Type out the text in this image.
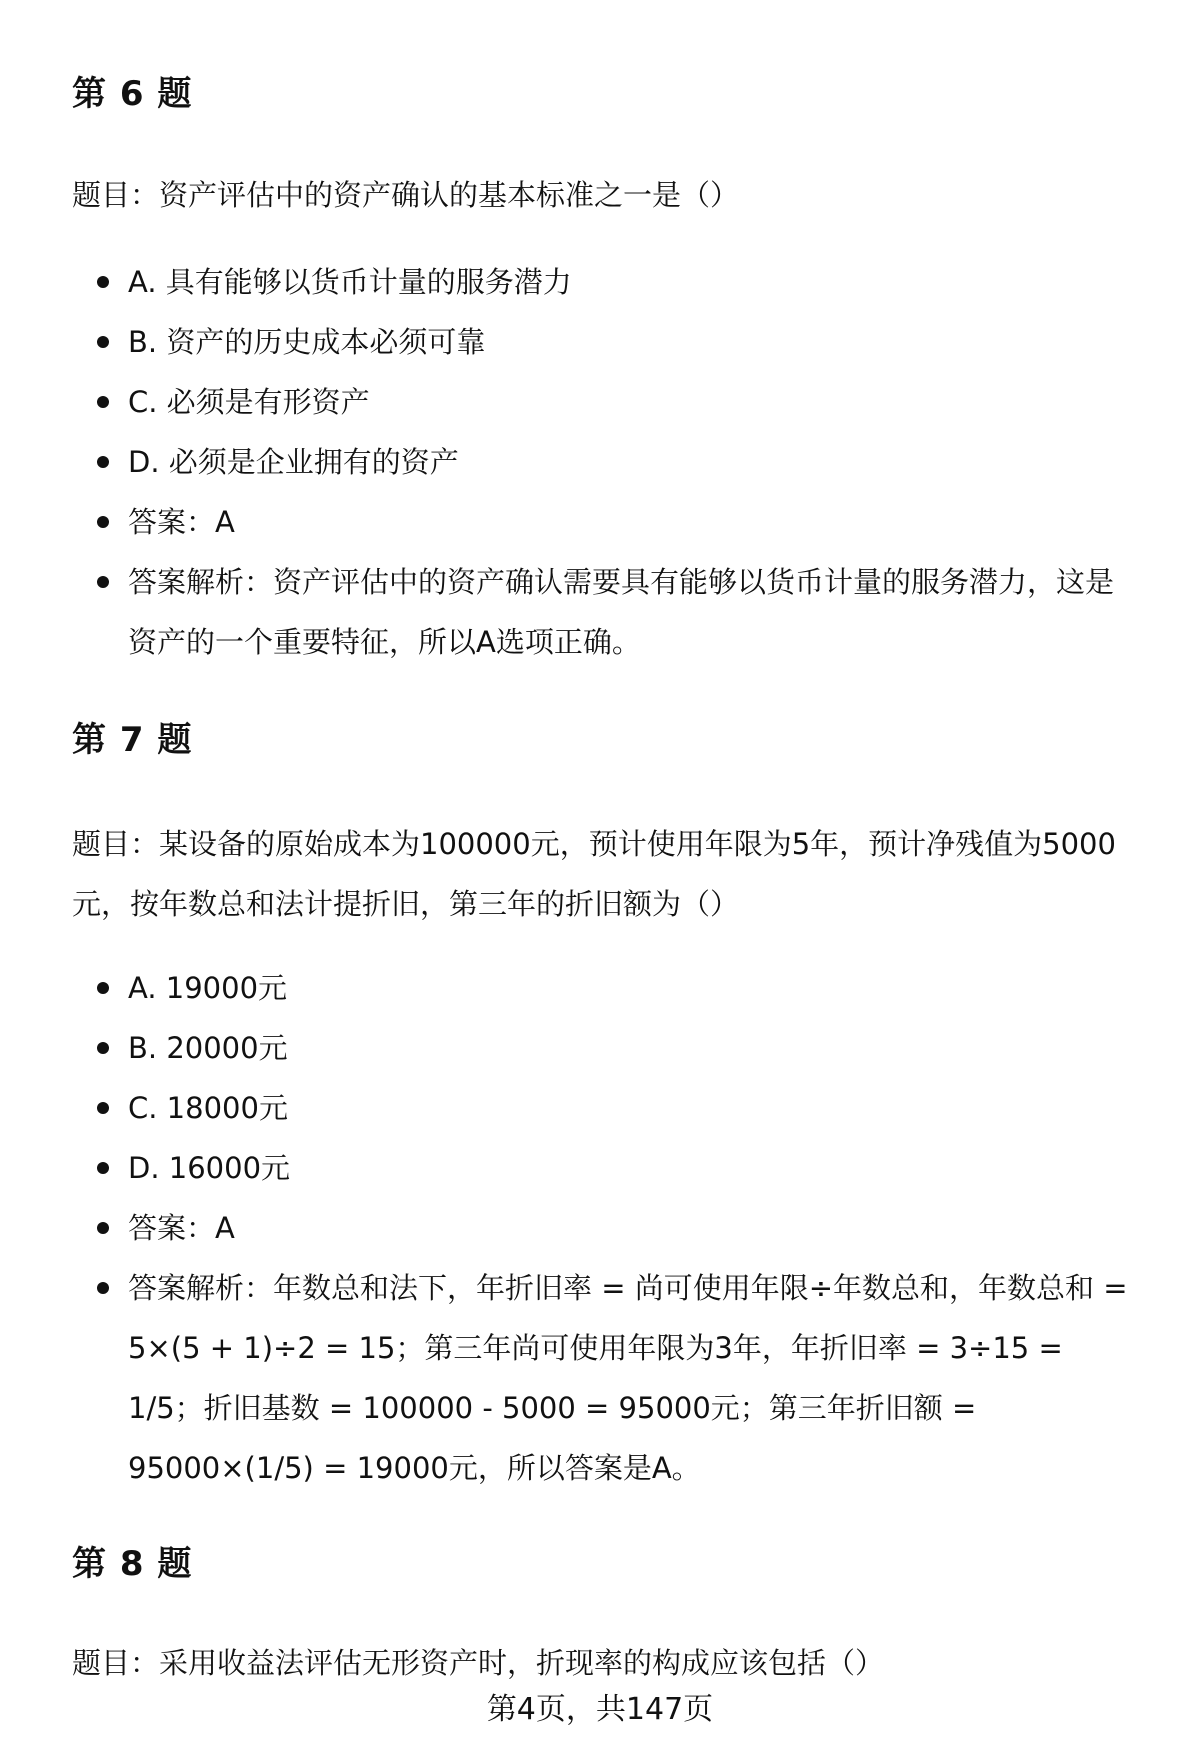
第 6 题

题目：资产评估中的资产确认的基本标准之一是（）

A. 具有能够以货币计量的服务潜力
B. 资产的历史成本必须可靠
C. 必须是有形资产
D. 必须是企业拥有的资产
答案：A
答案解析：资产评估中的资产确认需要具有能够以货币计量的服务潜力，这是资产的一个重要特征，所以A选项正确。
第 7 题

题目：某设备的原始成本为100000元，预计使用年限为5年，预计净残值为5000元，按年数总和法计提折旧，第三年的折旧额为（）

A. 19000元
B. 20000元
C. 18000元
D. 16000元
答案：A
答案解析：年数总和法下，年折旧率 = 尚可使用年限÷年数总和，年数总和 = 5×(5 + 1)÷2 = 15；第三年尚可使用年限为3年，年折旧率 = 3÷15 = 1/5；折旧基数 = 100000 - 5000 = 95000元；第三年折旧额 = 95000×(1/5) = 19000元，所以答案是A。
第 8 题

题目：采用收益法评估无形资产时，折现率的构成应该包括（）

第4页，共147页
